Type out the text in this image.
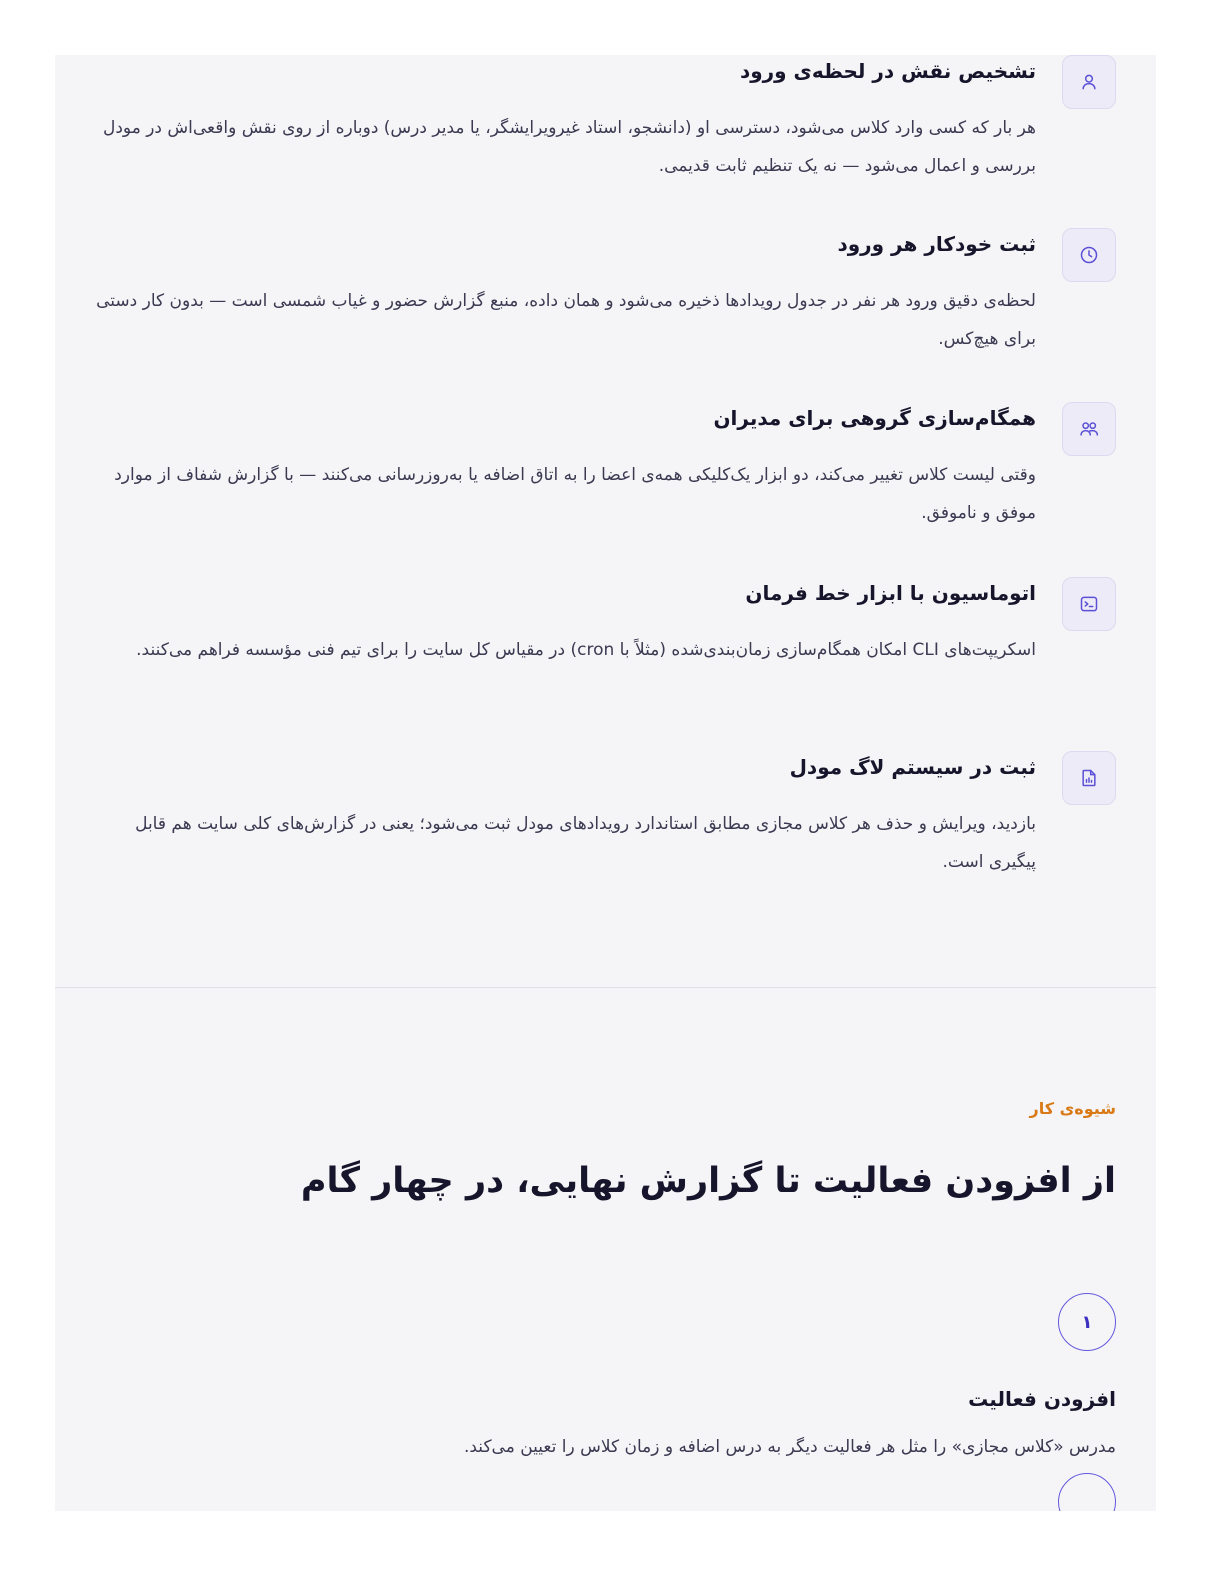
تشخیص نقش در لحظه‌ی ورود
هر بار که کسی وارد کلاس می‌شود، دسترسی او (دانشجو، استاد غیرویرایشگر، یا مدیر درس) دوباره از روی نقش واقعی‌اش در مودل بررسی و اعمال می‌شود — نه یک تنظیم ثابت قدیمی.
ثبت خودکار هر ورود
لحظه‌ی دقیق ورود هر نفر در جدول رویدادها ذخیره می‌شود و همان داده، منبع گزارش حضور و غیاب شمسی است — بدون کار دستی برای هیچ‌کس.
همگام‌سازی گروهی برای مدیران
وقتی لیست کلاس تغییر می‌کند، دو ابزار یک‌کلیکی همه‌ی اعضا را به اتاق اضافه یا به‌روزرسانی می‌کنند — با گزارش شفاف از موارد موفق و ناموفق.
اتوماسیون با ابزار خط فرمان
اسکریپت‌های CLI امکان همگام‌سازی زمان‌بندی‌شده (مثلاً با cron) در مقیاس کل سایت را برای تیم فنی مؤسسه فراهم می‌کنند.
ثبت در سیستم لاگ مودل
بازدید، ویرایش و حذف هر کلاس مجازی مطابق استاندارد رویدادهای مودل ثبت می‌شود؛ یعنی در گزارش‌های کلی سایت هم قابل پیگیری است.
شیوه‌ی کار
از افزودن فعالیت تا گزارش نهایی، در چهار گام
۱
افزودن فعالیت
مدرس «کلاس مجازی» را مثل هر فعالیت دیگر به درس اضافه و زمان کلاس را تعیین می‌کند.
